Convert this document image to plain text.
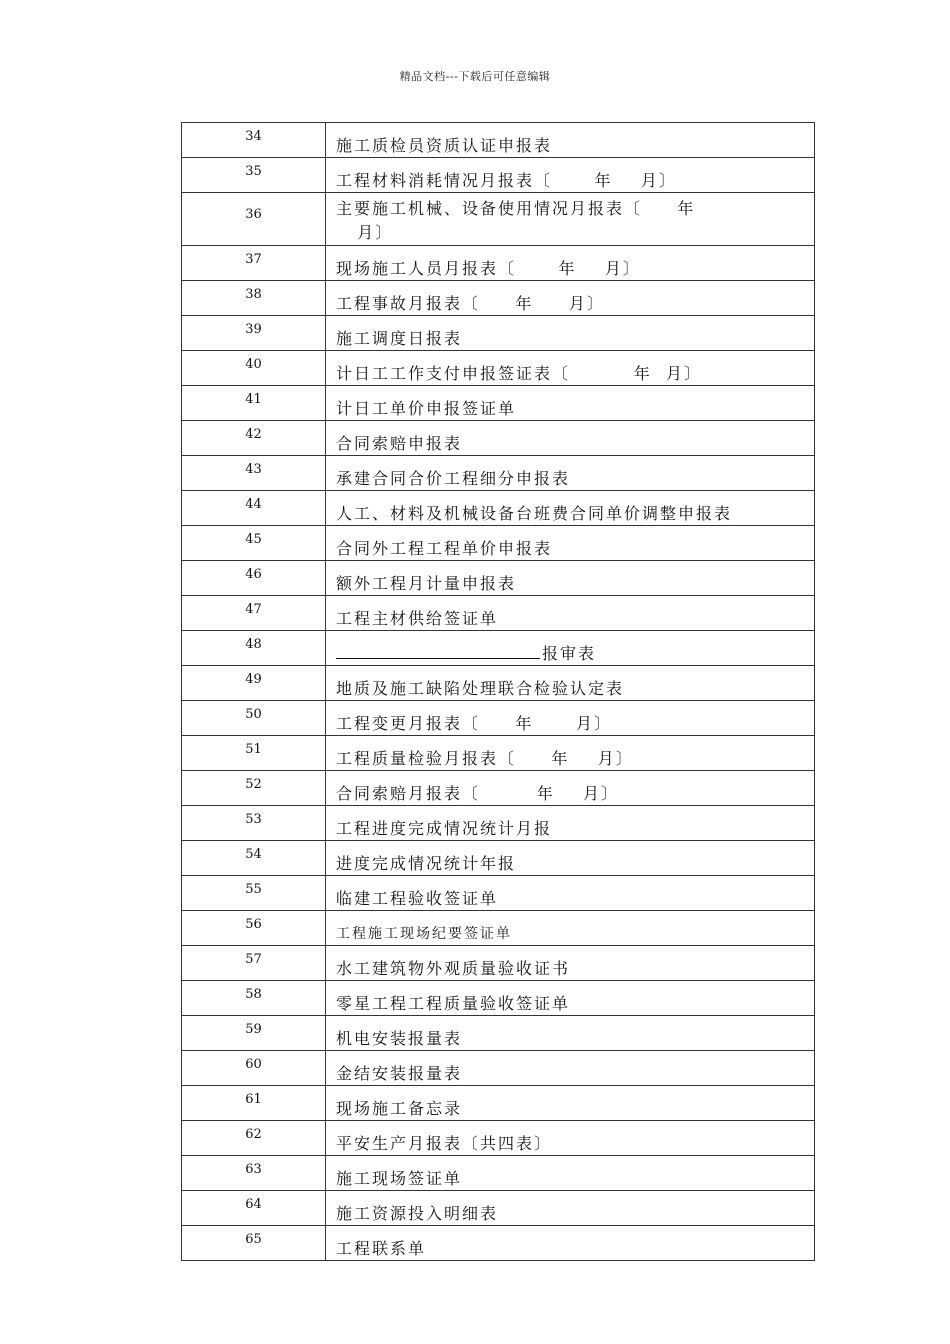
精品文档---下载后可任意编辑
34	施工质检员资质认证申报表

35	工程材料消耗情况月报表〔      年    月〕

36	主要施工机械、设备使用情况月报表〔     年
月〕

37	现场施工人员月报表〔      年    月〕

38	工程事故月报表〔     年     月〕

39	施工调度日报表

40	计日工工作支付申报签证表〔         年  月〕

41	计日工单价申报签证单

42	合同索赔申报表

43	承建合同合价工程细分申报表

44	人工、材料及机械设备台班费合同单价调整申报表

45	合同外工程工程单价申报表

46	额外工程月计量申报表

47	工程主材供给签证单

48	报审表

49	地质及施工缺陷处理联合检验认定表

50	工程变更月报表〔     年      月〕

51	工程质量检验月报表〔     年    月〕

52	合同索赔月报表〔        年    月〕

53	工程进度完成情况统计月报

54	进度完成情况统计年报

55	临建工程验收签证单

56	工程施工现场纪要签证单

57	水工建筑物外观质量验收证书

58	零星工程工程质量验收签证单

59	机电安装报量表

60	金结安装报量表

61	现场施工备忘录

62	平安生产月报表〔共四表〕

63	施工现场签证单

64	施工资源投入明细表

65	工程联系单
